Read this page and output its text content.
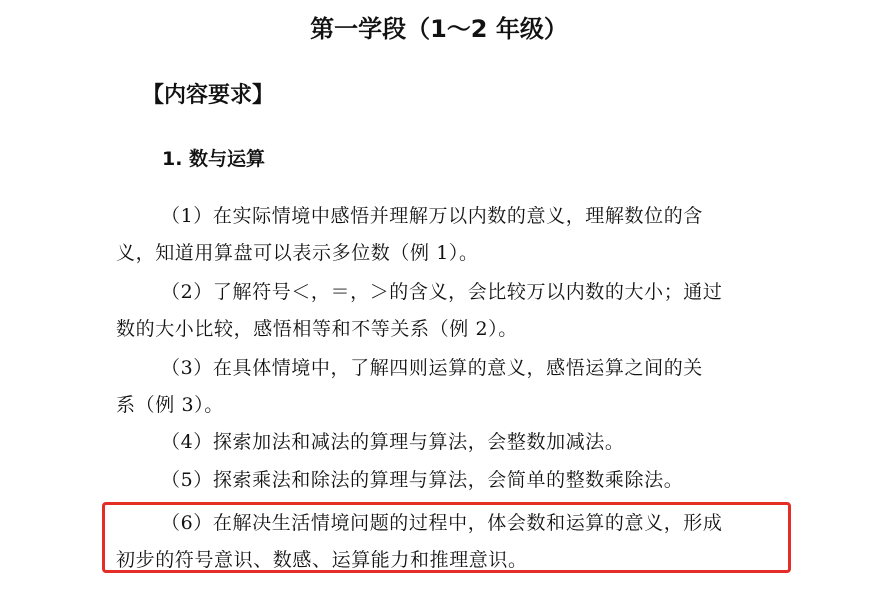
第一学段（1～2 年级）
【内容要求】
1. 数与运算
（1）在实际情境中感悟并理解万以内数的意义，理解数位的含
义，知道用算盘可以表示多位数（例 1）。
（2）了解符号＜，＝，＞的含义，会比较万以内数的大小；通过
数的大小比较，感悟相等和不等关系（例 2）。
（3）在具体情境中，了解四则运算的意义，感悟运算之间的关
系（例 3）。
（4）探索加法和减法的算理与算法，会整数加减法。
（5）探索乘法和除法的算理与算法，会简单的整数乘除法。
（6）在解决生活情境问题的过程中，体会数和运算的意义，形成
初步的符号意识、数感、运算能力和推理意识。
